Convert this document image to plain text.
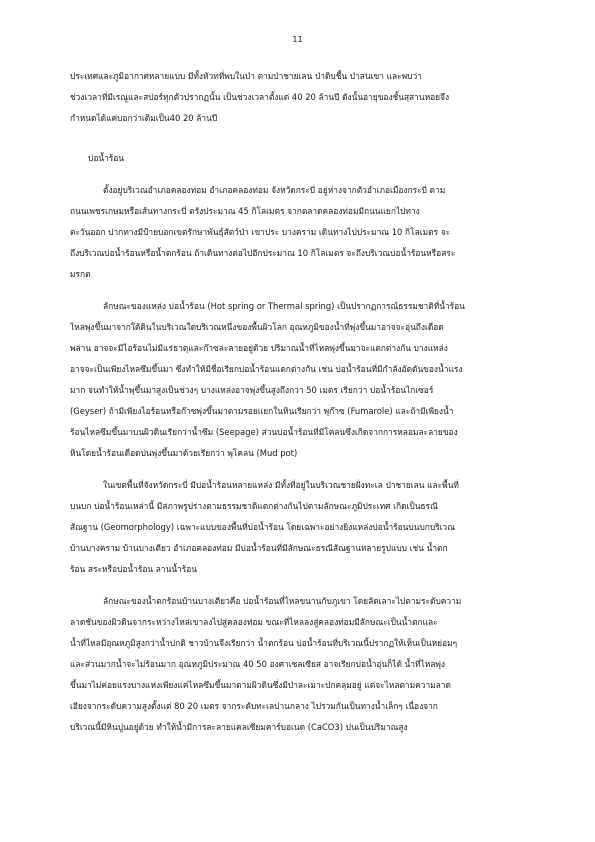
11
ประเทศและภูมิอากาศหลายแบบ มีทั้งหัวทที่พบในป่า ตามป่าชายเลน ป่าดิบชื้น ป่าสนเขา และพบว่า
ช่วงเวลาที่มีเรณูและสปอร์ทุกตัวปรากฏนั้น เป็นช่วงเวลาตั้งแต่ 40 20 ล้านปี ดังนั้นอายุของชั้นสุสานหอยจึง
กำหนดได้แค่บอกว่าเดิมเป็น40 20 ล้านปี
บ่อน้ำร้อน
ตั้งอยู่บริเวณอำเภอคลองท่อม อำเภอคลองท่อม จังหวัดกระบี่ อยู่ห่างจากตัวอำเภอเมืองกระบี่ ตาม
ถนนเพชรเกษมหรือเส้นทางกระบี่ ตรังประมาณ 45 กิโลเมตร จากตลาดคลองท่อมมีถนนแยกไปทาง
ตะวันออก ปากทางมีป้ายบอกเขตรักษาพันธุ์สัตว์ป่า เขาประ บางคราม เดินทางไปประมาณ 10 กิโลเมตร จะ
ถึงบริเวณบ่อน้ำร้อนหรือน้ำตกร้อน ถ้าเดินทางต่อไปอีกประมาณ 10 กิโลเมตร จะถึงบริเวณบ่อน้ำร้อนหรือสระ
มรกต
ลักษณะของแหล่ง บ่อน้ำร้อน (Hot spring or Thermal spring) เป็นปรากฏการณ์ธรรมชาติที่น้ำร้อน
ไหลพุ่งขึ้นมาจากใต้ดินในบริเวณใดบริเวณหนึ่งของพื้นผิวโลก อุณหภูมิของน้ำที่พุ่งขึ้นมาอาจจะอุ่นถึงเดือด
พล่าน อาจจะมีไอร้อนไม่มีแร่ธาตุและก๊าซละลายอยู่ด้วย ปริมาณน้ำที่ไหลพุ่งขึ้นมาจะแตกต่างกัน บางแหล่ง
อาจจะเป็นเพียงไหลซึมขึ้นมา ซึ่งทำให้มีชื่อเรียกบ่อน้ำร้อนแตกต่างกัน เช่น บ่อน้ำร้อนที่มีกำลังอัดดันของน้ำแรง
มาก จนทำให้น้ำพุขึ้นมาสูงเป็นช่วงๆ บางแหล่งอาจพุ่งขึ้นสูงถึงกว่า 50 เมตร เรียกว่า บ่อน้ำร้อนไกเซอร์
(Geyser) ถ้ามีเพียงไอร้อนหรือก๊าซพุ่งขึ้นมาตามรอยแยกในหินเรียกว่า พุก๊าซ (Fumarole) และถ้ามีเพียงน้ำ
ร้อนไหลซึมขึ้นมาบนผิวดินเรียกว่าน้ำซึม (Seepage) ส่วนบ่อน้ำร้อนที่มีโคลนซึ่งเกิดจากการหลอมละลายของ
หินโดยน้ำร้อนเดือดปนพุ่งขึ้นมาด้วยเรียกว่า พุโคลน (Mud pot)
ในเขตพื้นที่จังหวัดกระบี่ มีบ่อน้ำร้อนหลายแหล่ง มีทั้งที่อยู่ในบริเวณชายฝั่งทะเล ป่าชายเลน และพื้นที่
บนบก บ่อน้ำร้อนเหล่านี้ มีสภาพรูปร่างตามธรรมชาติแตกต่างกันไปตามลักษณะภูมิประเทศ เกิดเป็นธรณี
สัณฐาน (Geomorphology) เฉพาะแบบของพื้นที่บ่อน้ำร้อน โดยเฉพาะอย่างยิ่งแหล่งบ่อน้ำร้อนบนบกบริเวณ
บ้านบางคราม บ้านบางเตียว อำเภอคลองท่อม มีบ่อน้ำร้อนที่มีลักษณะธรณีสัณฐานหลายรูปแบบ เช่น น้ำตก
ร้อน สระหรือบ่อน้ำร้อน ลานน้ำร้อน
ลักษณะของน้ำตกร้อนบ้านบางเตียวคือ บ่อน้ำร้อนที่ไหลขนานกับภูเขา โดยลัดเลาะไปตามระดับความ
ลาดชันของผิวดินจากระหว่างไหล่เขาลงไปสู่คลองท่อม ขณะที่ไหลลงสู่คลองท่อมมีลักษณะเป็นน้ำตกและ
น้ำที่ไหลมีอุณหภูมิสูงกว่าน้ำปกติ ชาวบ้านจึงเรียกว่า น้ำตกร้อน บ่อน้ำร้อนที่บริเวณนี้ปรากฏให้เห็นเป็นหย่อมๆ
และส่วนมากน้ำจะไม่ร้อนมาก อุณหภูมิประมาณ 40 50 องศาเซลเซียส อาจเรียกบ่อน้ำอุ่นก็ได้ น้ำที่ไหลพุ่ง
ขึ้นมาไม่ค่อยแรงบางแห่งเพียงแค่ไหลซึมขึ้นมาตามผิวดินซึ่งมีป่าละเมาะปกคลุมอยู่ แต่จะไหลตามความลาด
เอียงจากระดับความสูงตั้งแต่ 80 20 เมตร จากระดับทะเลปานกลาง ไปรวมกันเป็นทางน้ำเล็กๆ เนื่องจาก
บริเวณนี้มีหินปูนอยู่ด้วย ทำให้น้ำมีการละลายแคลเซียมคาร์บอเนต (CaCO3) ปนเป็นปริมาณสูง
